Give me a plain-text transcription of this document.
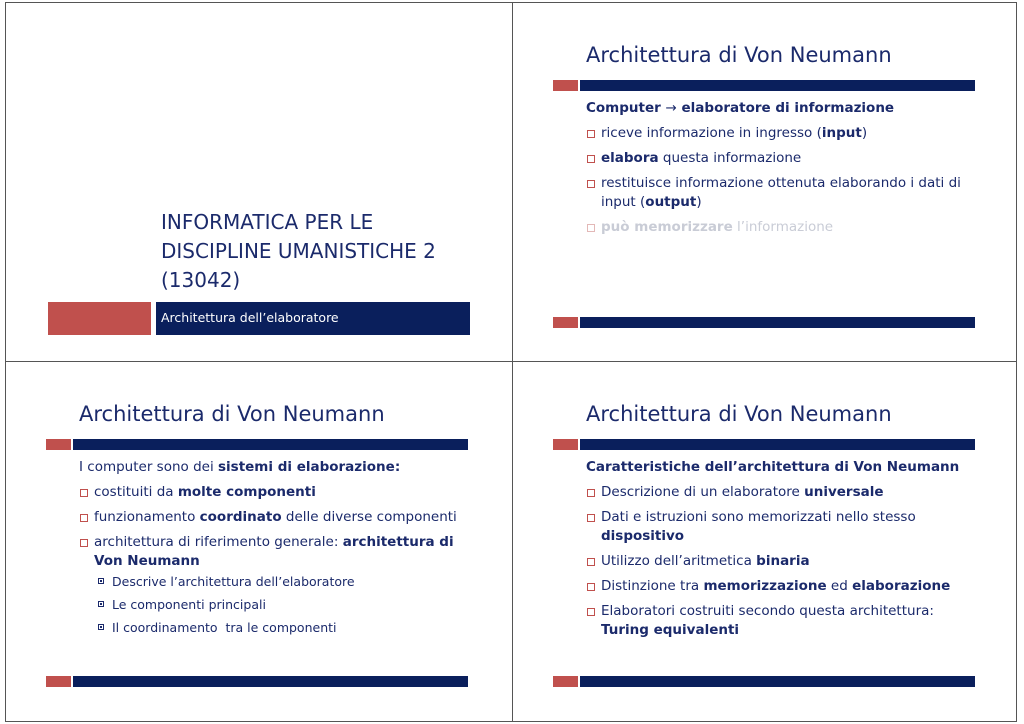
INFORMATICA PER LE
DISCIPLINE UMANISTICHE 2
(13042)
Architettura dell’elaboratore
Architettura di Von Neumann

Computer → elaboratore di informazione

riceve informazione in ingresso (input)
elabora questa informazione
restituisce informazione ottenuta elaborando i dati di input (output)
può memorizzare l’informazione
Architettura di Von Neumann

I computer sono dei sistemi di elaborazione:

costituiti da molte componenti
funzionamento coordinato delle diverse componenti
architettura di riferimento generale: architettura di Von Neumann
Descrive l’architettura dell’elaboratore
Le componenti principali
Il coordinamento  tra le componenti
Architettura di Von Neumann

Caratteristiche dell’architettura di Von Neumann

Descrizione di un elaboratore universale
Dati e istruzioni sono memorizzati nello stesso dispositivo
Utilizzo dell’aritmetica binaria
Distinzione tra memorizzazione ed elaborazione
Elaboratori costruiti secondo questa architettura: Turing equivalenti
